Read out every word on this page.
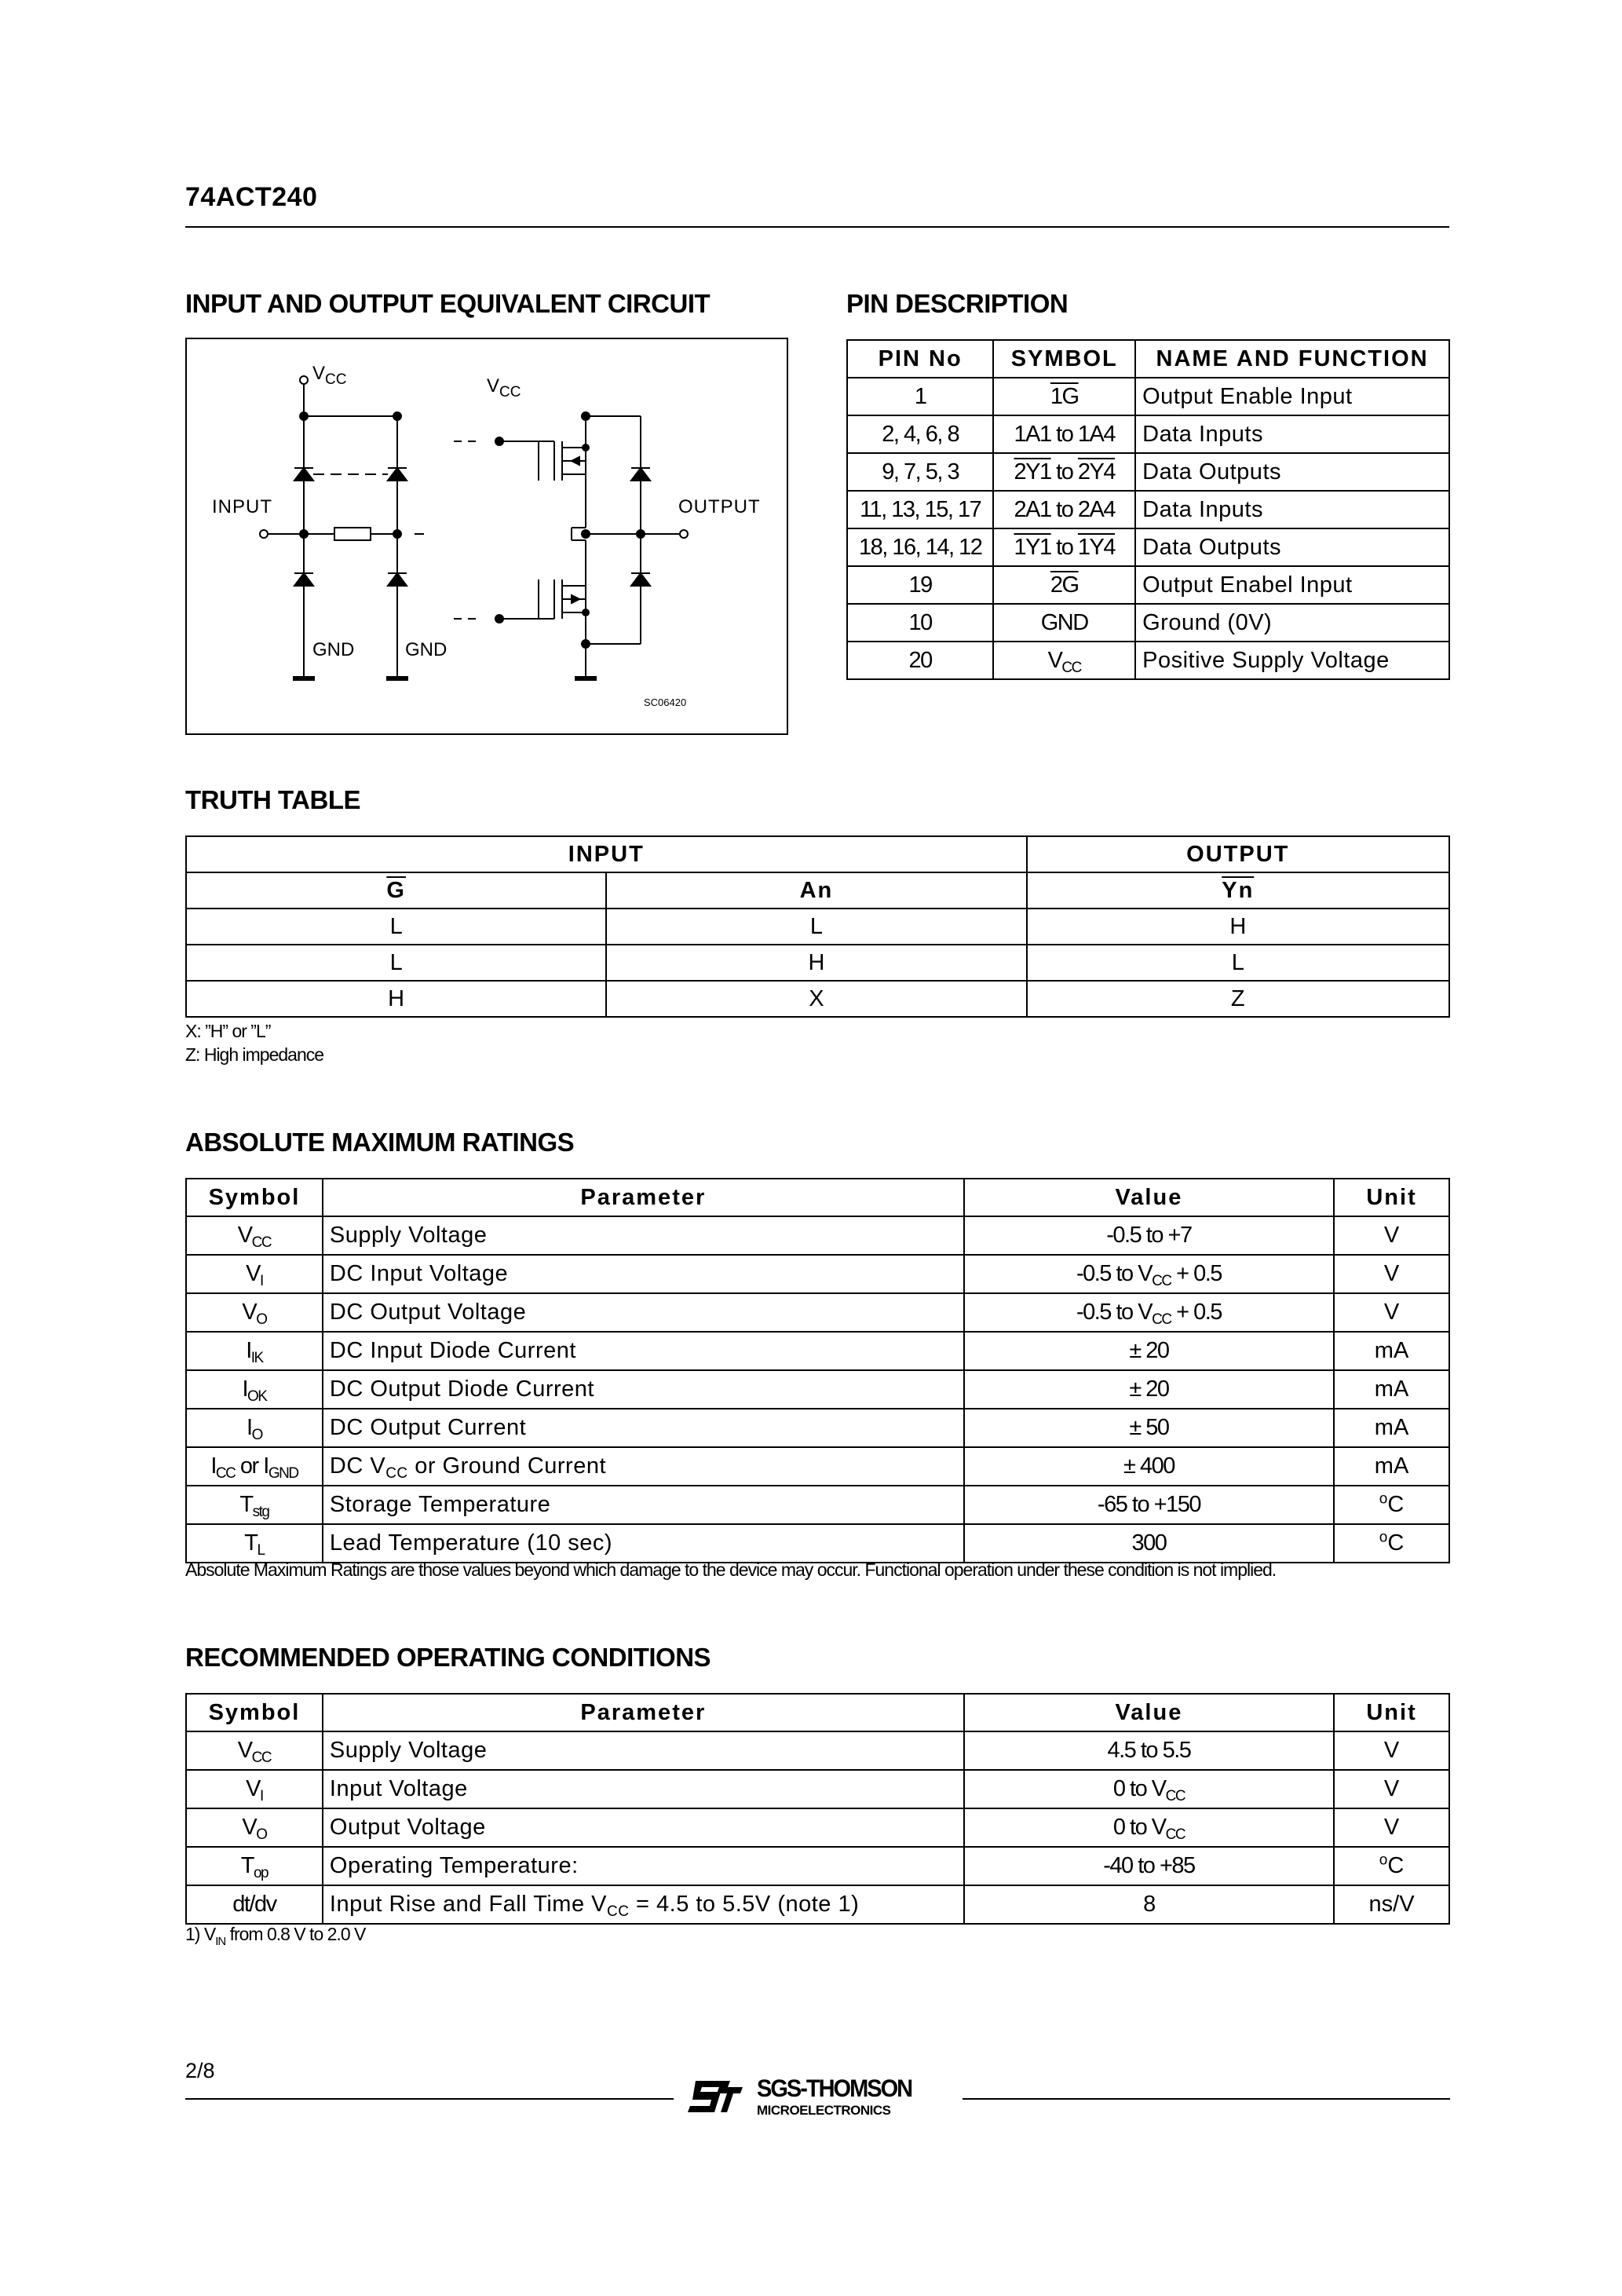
74ACT240
INPUT AND OUTPUT EQUIVALENT CIRCUIT	PIN DESCRIPTION
$V_{CC}$	$V_{CC}$
INPUT	OUTPUT
GND	GND
SC06420
PIN No	SYMBOL	NAME AND FUNCTION
1	1G	Output Enable Input
2, 4, 6, 8	1A1 to 1A4	Data Inputs
9, 7, 5, 3	2Y1 to 2Y4	Data Outputs
11, 13, 15, 17	2A1 to 2A4	Data Inputs
18, 16, 14, 12	1Y1 to 1Y4	Data Outputs
19	2G	Output Enabel Input
10	GND	Ground (0V)
20	$V_{CC}$	Positive Supply Voltage
TRUTH TABLE
INPUT		OUTPUT
$\overline{G}$	An	$\overline{Yn}$
L	L	H
L	H	L
H	X	Z
X: ”H” or ”L”
Z: High impedance
ABSOLUTE MAXIMUM RATINGS
Symbol	Parameter	Value	Unit
$V_{CC}$	Supply Voltage	-0.5 to +7	V
$V_I$	DC Input Voltage	-0.5 to $V_{CC} + 0.5$	V
$V_O$	DC Output Voltage	-0.5 to $V_{CC} + 0.5$	V
$I_{IK}$	DC Input Diode Current	± 20	mA
$I_{OK}$	DC Output Diode Current	± 20	mA
$I_O$	DC Output Current	± 50	mA
$I_{CC}$ or $I_{GND}$	DC $V_{CC}$ or Ground Current	± 400	mA
$T_{stg}$	Storage Temperature	-65 to +150	$^o$C
$T_L$	Lead Temperature (10 sec)	300	$^o$C
Absolute Maximum Ratings are those values beyond which damage to the device may occur. Functional operation under these condition is not implied.
RECOMMENDED OPERATING CONDITIONS
Symbol	Parameter	Value	Unit
$V_{CC}$	Supply Voltage	4.5 to 5.5	V
$V_I$	Input Voltage	0 to $V_{CC}$	V
$V_O$	Output Voltage	0 to $V_{CC}$	V
$T_{op}$	Operating Temperature:	-40 to +85	$^o$C
dt/dv	Input Rise and Fall Time $V_{CC} = 4.5$ to 5.5V (note 1)	8	ns/V
1) $V_{IN}$ from 0.8 V to 2.0 V
2/8
SGS-THOMSON
MICROELECTRONICS
